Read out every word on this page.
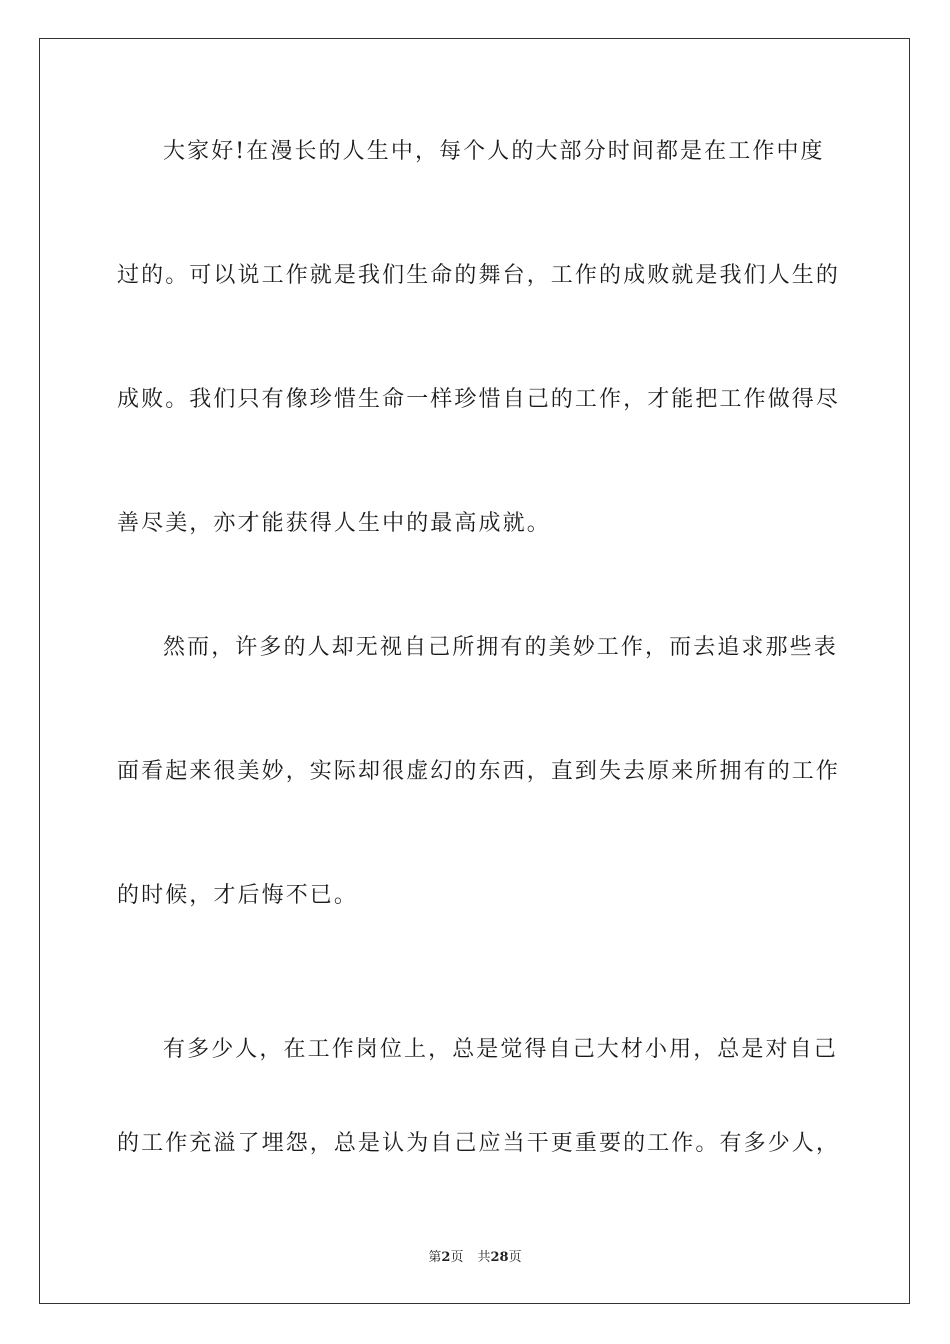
大家好!在漫长的人生中，每个人的大部分时间都是在工作中度
过的。可以说工作就是我们生命的舞台，工作的成败就是我们人生的
成败。我们只有像珍惜生命一样珍惜自己的工作，才能把工作做得尽
善尽美，亦才能获得人生中的最高成就。
然而，许多的人却无视自己所拥有的美妙工作，而去追求那些表
面看起来很美妙，实际却很虚幻的东西，直到失去原来所拥有的工作
的时候，才后悔不已。
有多少人，在工作岗位上，总是觉得自己大材小用，总是对自己
的工作充溢了埋怨，总是认为自己应当干更重要的工作。有多少人，
第2页 共28页
